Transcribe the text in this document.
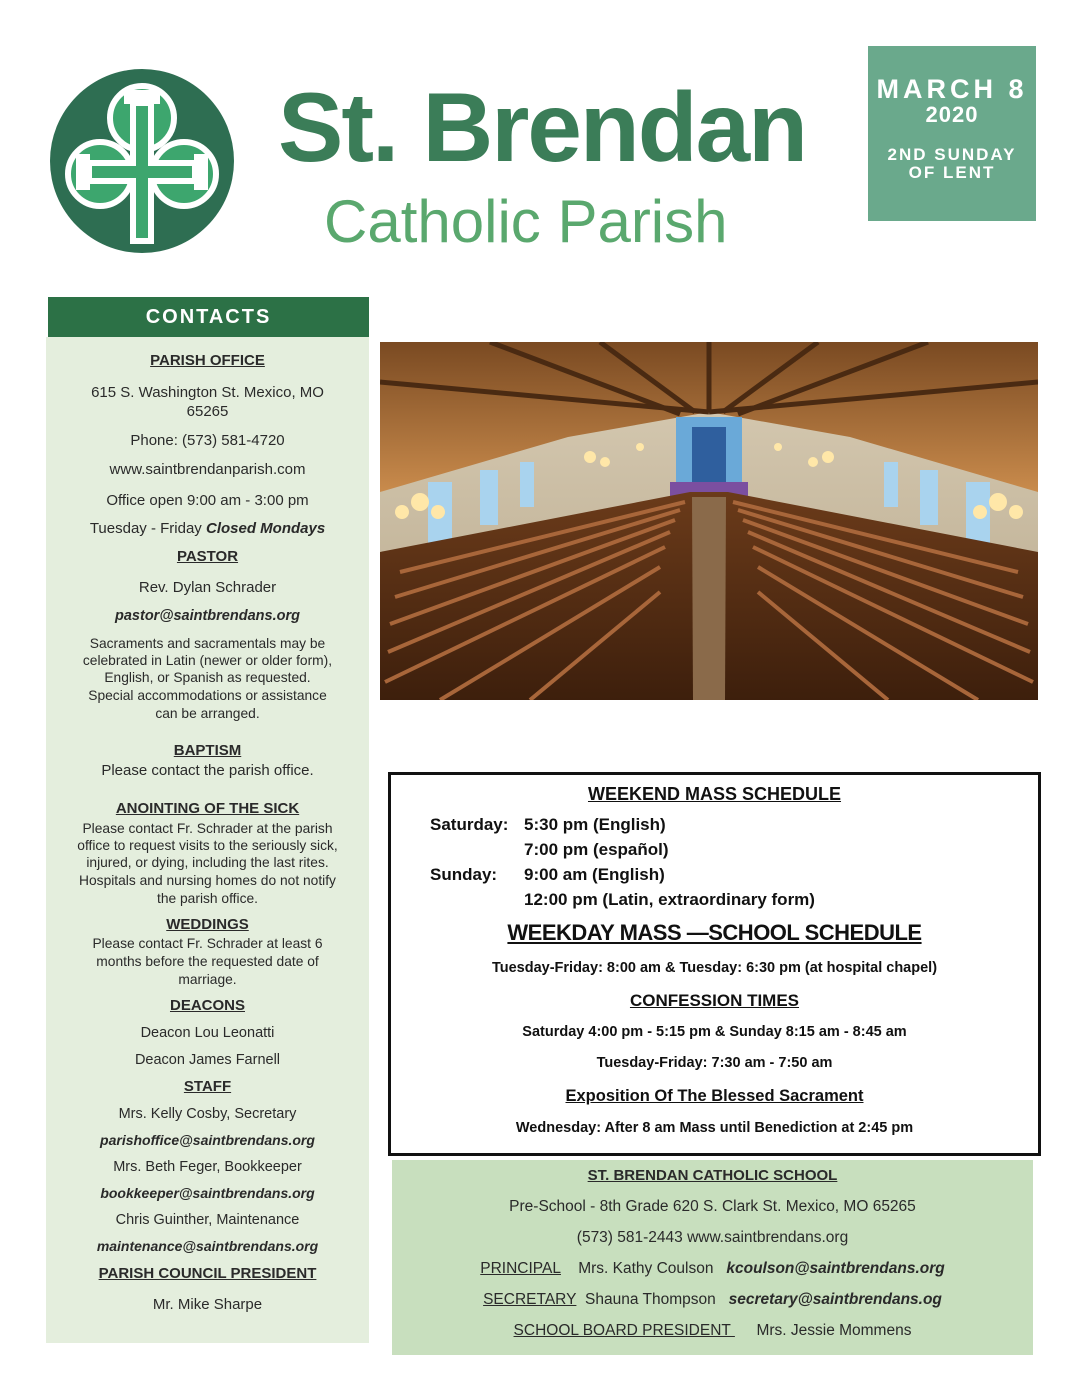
St. Brendan
Catholic Parish
MARCH 8
2020
2ND SUNDAY
OF LENT
CONTACTS
PARISH OFFICE
615 S. Washington St. Mexico, MO
65265
Phone: (573) 581-4720
www.saintbrendanparish.com
Office open 9:00 am - 3:00 pm
Tuesday - Friday Closed Mondays
PASTOR
Rev. Dylan Schrader
pastor@saintbrendans.org
Sacraments and sacramentals may be
celebrated in Latin (newer or older form),
English, or Spanish as requested.
Special accommodations or assistance
can be arranged.
BAPTISM
Please contact the parish office.
ANOINTING OF THE SICK
Please contact Fr. Schrader at the parish
office to request visits to the seriously sick,
injured, or dying, including the last rites.
Hospitals and nursing homes do not notify
the parish office.
WEDDINGS
Please contact Fr. Schrader at least 6
months before the requested date of
marriage.
DEACONS
Deacon Lou Leonatti
Deacon James Farnell
STAFF
Mrs. Kelly Cosby, Secretary
parishoffice@saintbrendans.org
Mrs. Beth Feger, Bookkeeper
bookkeeper@saintbrendans.org
Chris Guinther, Maintenance
maintenance@saintbrendans.org
PARISH COUNCIL PRESIDENT
Mr. Mike Sharpe
WEEKEND MASS SCHEDULE
Saturday: 5:30 pm (English)
7:00 pm (español)
Sunday: 9:00 am (English)
12:00 pm (Latin, extraordinary form)
WEEKDAY MASS —SCHOOL SCHEDULE
Tuesday-Friday: 8:00 am & Tuesday: 6:30 pm (at hospital chapel)
CONFESSION TIMES
Saturday 4:00 pm - 5:15 pm & Sunday 8:15 am - 8:45 am
Tuesday-Friday: 7:30 am - 7:50 am
Exposition Of The Blessed Sacrament
Wednesday: After 8 am Mass until Benediction at 2:45 pm
ST. BRENDAN CATHOLIC SCHOOL
Pre-School - 8th Grade 620 S. Clark St. Mexico, MO 65265
(573) 581-2443 www.saintbrendans.org
PRINCIPAL Mrs. Kathy Coulson kcoulson@saintbrendans.org
SECRETARY Shauna Thompson secretary@saintbrendans.og
SCHOOL BOARD PRESIDENT      Mrs. Jessie Mommens
